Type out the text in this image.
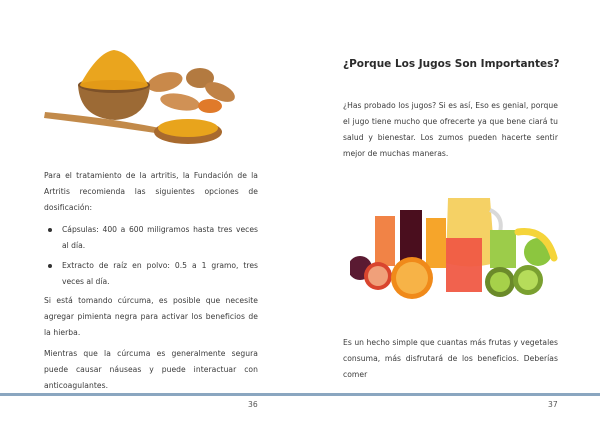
Para el tratamiento de la artritis, la Fundación de la Artritis recomienda las siguientes opciones de dosificación:
Cápsulas: 400 a 600 miligramos hasta tres veces al día.
Extracto de raíz en polvo: 0.5 a 1 gramo, tres veces al día.
Si está tomando cúrcuma, es posible que necesite agregar pimienta negra para activar los beneficios de la hierba.
Mientras que la cúrcuma es generalmente segura puede causar náuseas y puede interactuar con anticoagulantes.
¿Porque Los Jugos Son Importantes?
¿Has probado los jugos? Si es así, Eso es genial, porque el jugo tiene mucho que ofrecerte ya que bene ciará tu salud y bienestar. Los zumos pueden hacerte sentir mejor de muchas maneras.
Es un hecho simple que cuantas más frutas y vegetales consuma, más disfrutará de los beneficios. Deberías comer
36	37
